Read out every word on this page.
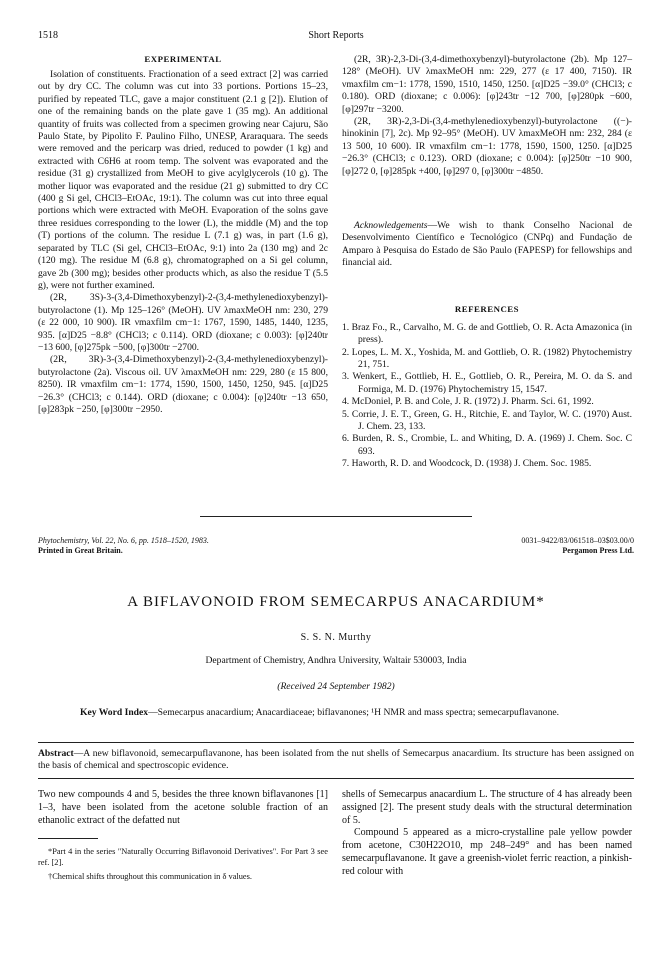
1518	Short Reports
EXPERIMENTAL

Isolation of constituents. Fractionation of a seed extract [2] was carried out by dry CC. The column was cut into 33 portions. Portions 15–23, purified by repeated TLC, gave a major constituent (2.1 g [2]). Elution of one of the remaining bands on the plate gave 1 (35 mg). An additional quantity of fruits was collected from a specimen growing near Cajuru, São Paulo State, by Pipolito F. Paulino Filho, UNESP, Araraquara. The seeds were removed and the pericarp was dried, reduced to powder (1 kg) and extracted with C6H6 at room temp. The solvent was evaporated and the residue (31 g) crystallized from MeOH to give acylglycerols (10 g). The mother liquor was evaporated and the residue (21 g) submitted to dry CC (400 g Si gel, CHCl3–EtOAc, 19:1). The column was cut into three equal portions which were extracted with MeOH. Evaporation of the solns gave three residues corresponding to the lower (L), the middle (M) and the top (T) portions of the column. The residue L (7.1 g) was, in part (1.6 g), separated by TLC (Si gel, CHCl3–EtOAc, 9:1) into 2a (130 mg) and 2c (120 mg). The residue M (6.8 g), chromatographed on a Si gel column, gave 2b (300 mg); besides other products which, as also the residue T (5.5 g), were not further examined.

(2R, 3S)-3-(3,4-Dimethoxybenzyl)-2-(3,4-methylenedioxybenzyl)-butyrolactone (1). Mp 125–126° (MeOH). UV λmaxMeOH nm: 230, 279 (ε 22 000, 10 900). IR νmaxfilm cm−1: 1767, 1590, 1485, 1440, 1235, 935. [α]D25 −8.8° (CHCl3; c 0.114). ORD (dioxane; c 0.003): [φ]240tr −13 600, [φ]275pk −500, [φ]300tr −2700.

(2R, 3R)-3-(3,4-Dimethoxybenzyl)-2-(3,4-methylenedioxybenzyl)-butyrolactone (2a). Viscous oil. UV λmaxMeOH nm: 229, 280 (ε 15 800, 8250). IR νmaxfilm cm−1: 1774, 1590, 1500, 1450, 1250, 945. [α]D25 −26.3° (CHCl3; c 0.144). ORD (dioxane; c 0.004): [φ]240tr −13 650, [φ]283pk −250, [φ]300tr −2950.

(2R, 3R)-2,3-Di-(3,4-dimethoxybenzyl)-butyrolactone (2b). Mp 127–128° (MeOH). UV λmaxMeOH nm: 229, 277 (ε 17 400, 7150). IR νmaxfilm cm−1: 1778, 1590, 1510, 1450, 1250. [α]D25 −39.0° (CHCl3; c 0.180). ORD (dioxane; c 0.006): [φ]243tr −12 700, [φ]280pk −600, [φ]297tr −3200.

(2R, 3R)-2,3-Di-(3,4-methylenedioxybenzyl)-butyrolactone ((−)-hinokinin [7], 2c). Mp 92–95° (MeOH). UV λmaxMeOH nm: 232, 284 (ε 13 500, 10 600). IR νmaxfilm cm−1: 1778, 1590, 1500, 1250. [α]D25 −26.3° (CHCl3; c 0.123). ORD (dioxane; c 0.004): [φ]250tr −10 900, [φ]272 0, [φ]285pk +400, [φ]297 0, [φ]300tr −4850.

Acknowledgements—We wish to thank Conselho Nacional de Desenvolvimento Científico e Tecnológico (CNPq) and Fundação de Amparo à Pesquisa do Estado de São Paulo (FAPESP) for fellowships and financial aid.

REFERENCES
1. Braz Fo., R., Carvalho, M. G. de and Gottlieb, O. R. Acta Amazonica (in press).
2. Lopes, L. M. X., Yoshida, M. and Gottlieb, O. R. (1982) Phytochemistry 21, 751.
3. Wenkert, E., Gottlieb, H. E., Gottlieb, O. R., Pereira, M. O. da S. and Formiga, M. D. (1976) Phytochemistry 15, 1547.
4. McDoniel, P. B. and Cole, J. R. (1972) J. Pharm. Sci. 61, 1992.
5. Corrie, J. E. T., Green, G. H., Ritchie, E. and Taylor, W. C. (1970) Aust. J. Chem. 23, 133.
6. Burden, R. S., Crombie, L. and Whiting, D. A. (1969) J. Chem. Soc. C 693.
7. Haworth, R. D. and Woodcock, D. (1938) J. Chem. Soc. 1985.
Phytochemistry, Vol. 22, No. 6, pp. 1518–1520, 1983.
Printed in Great Britain.
0031–9422/83/061518–03$03.00/0
Pergamon Press Ltd.
A BIFLAVONOID FROM SEMECARPUS ANACARDIUM*
S. S. N. Murthy
Department of Chemistry, Andhra University, Waltair 530003, India
(Received 24 September 1982)
Key Word Index—Semecarpus anacardium; Anacardiaceae; biflavanones; ¹H NMR and mass spectra; semecarpuflavanone.
Abstract—A new biflavonoid, semecarpuflavanone, has been isolated from the nut shells of Semecarpus anacardium. Its structure has been assigned on the basis of chemical and spectroscopic evidence.

Two new compounds 4 and 5, besides the three known biflavanones [1] 1–3, have been isolated from the acetone soluble fraction of an ethanolic extract of the defatted nut

*Part 4 in the series "Naturally Occurring Biflavonoid Derivatives". For Part 3 see ref. [2].

†Chemical shifts throughout this communication in δ values.

shells of Semecarpus anacardium L. The structure of 4 has already been assigned [2]. The present study deals with the structural determination of 5.

Compound 5 appeared as a micro-crystalline pale yellow powder from acetone, C30H22O10, mp 248–249° and has been named semecarpuflavanone. It gave a greenish-violet ferric reaction, a pinkish-red colour with
